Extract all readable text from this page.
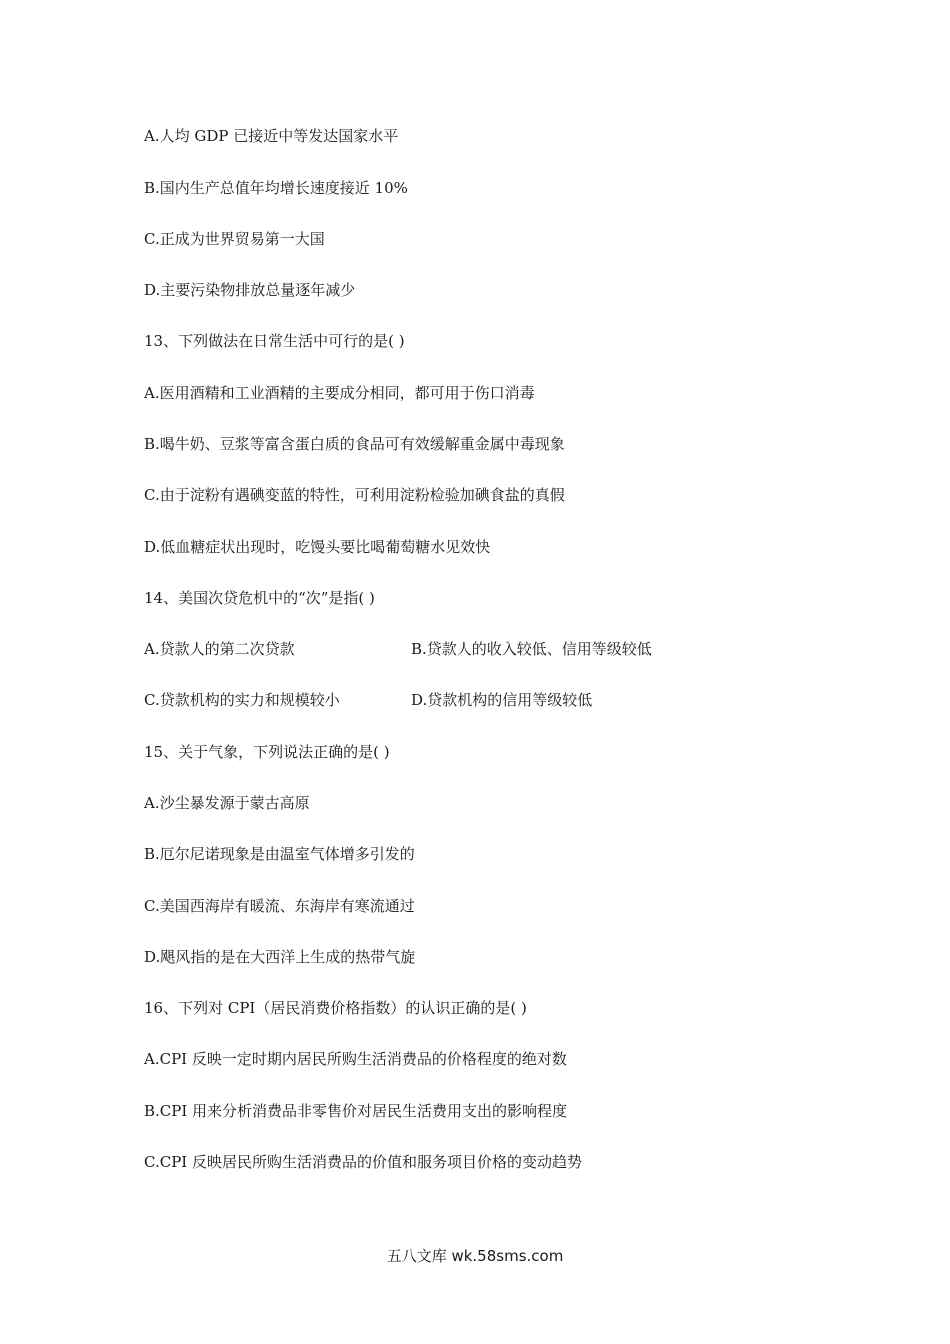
A.人均 GDP 已接近中等发达国家水平
B.国内生产总值年均增长速度接近 10%
C.正成为世界贸易第一大国
D.主要污染物排放总量逐年减少
13、下列做法在日常生活中可行的是( )
A.医用酒精和工业酒精的主要成分相同，都可用于伤口消毒
B.喝牛奶、豆浆等富含蛋白质的食品可有效缓解重金属中毒现象
C.由于淀粉有遇碘变蓝的特性，可利用淀粉检验加碘食盐的真假
D.低血糖症状出现时，吃馒头要比喝葡萄糖水见效快
14、美国次贷危机中的“次”是指( )
A.贷款人的第二次贷款	B.贷款人的收入较低、信用等级较低
C.贷款机构的实力和规模较小	D.贷款机构的信用等级较低
15、关于气象，下列说法正确的是( )
A.沙尘暴发源于蒙古高原
B.厄尔尼诺现象是由温室气体增多引发的
C.美国西海岸有暖流、东海岸有寒流通过
D.飓风指的是在大西洋上生成的热带气旋
16、下列对 CPI（居民消费价格指数）的认识正确的是( )
A.CPI 反映一定时期内居民所购生活消费品的价格程度的绝对数
B.CPI 用来分析消费品非零售价对居民生活费用支出的影响程度
C.CPI 反映居民所购生活消费品的价值和服务项目价格的变动趋势
五八文库 wk.58sms.com
